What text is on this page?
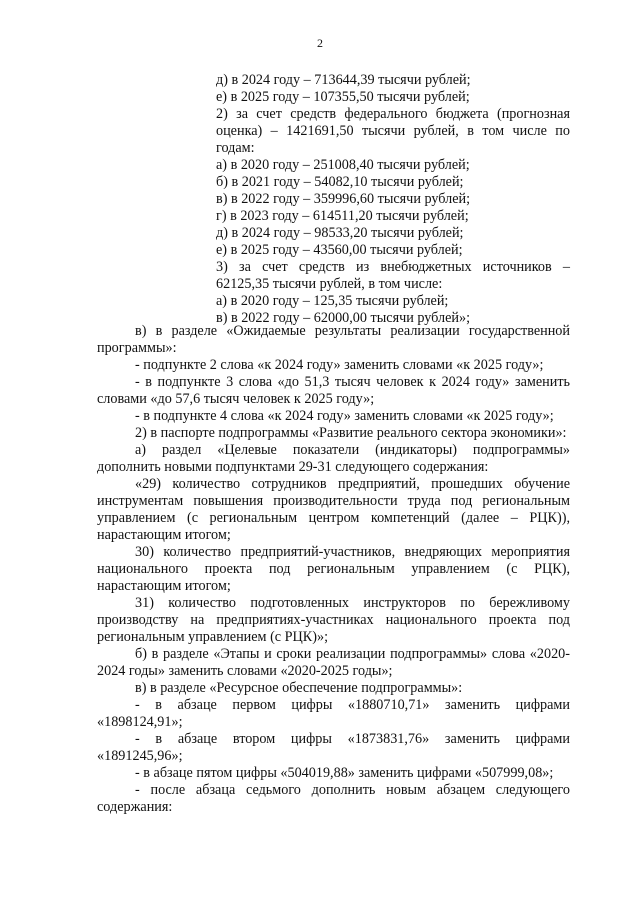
2

д) в 2024 году – 713644,39 тысячи рублей;

е) в 2025 году – 107355,50 тысячи рублей;

2) за счет средств федерального бюджета (прогнозная оценка) – 1421691,50 тысячи рублей, в том числе по годам:

а) в 2020 году – 251008,40 тысячи рублей;

б) в 2021 году – 54082,10 тысячи рублей;

в) в 2022 году – 359996,60 тысячи рублей;

г) в 2023 году – 614511,20 тысячи рублей;

д) в 2024 году – 98533,20 тысячи рублей;

е) в 2025 году – 43560,00 тысячи рублей;

3) за счет средств из внебюджетных источников – 62125,35 тысячи рублей, в том числе:

а) в 2020 году – 125,35 тысячи рублей;

в) в 2022 году – 62000,00 тысячи рублей»;

в) в разделе «Ожидаемые результаты реализации государственной программы»:

- подпункте 2 слова «к 2024 году» заменить словами «к 2025 году»;

- в подпункте 3 слова «до 51,3 тысяч человек к 2024 году» заменить словами «до 57,6 тысяч человек к 2025 году»;

- в подпункте 4 слова «к 2024 году» заменить словами «к 2025 году»;

2) в паспорте подпрограммы «Развитие реального сектора экономики»:

а) раздел «Целевые показатели (индикаторы) подпрограммы» дополнить новыми подпунктами 29-31 следующего содержания:

«29) количество сотрудников предприятий, прошедших обучение инструментам повышения производительности труда под региональным управлением (с региональным центром компетенций (далее – РЦК)), нарастающим итогом;

30) количество предприятий-участников, внедряющих мероприятия национального проекта под региональным управлением (с РЦК), нарастающим итогом;

31) количество подготовленных инструкторов по бережливому производству на предприятиях-участниках национального проекта под региональным управлением (с РЦК)»;

б) в разделе «Этапы и сроки реализации подпрограммы» слова «2020-2024 годы» заменить словами «2020-2025 годы»;

в) в разделе «Ресурсное обеспечение подпрограммы»:

- в абзаце первом цифры «1880710,71» заменить цифрами «1898124,91»;

- в абзаце втором цифры «1873831,76» заменить цифрами «1891245,96»;

- в абзаце пятом цифры «504019,88» заменить цифрами «507999,08»;

- после абзаца седьмого дополнить новым абзацем следующего содержания:
